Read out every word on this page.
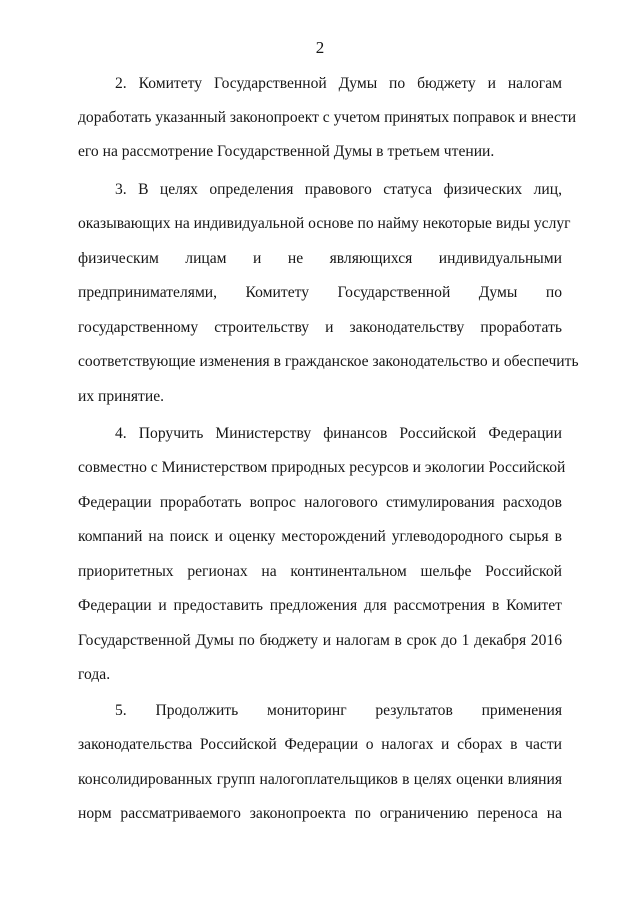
2
2. Комитету Государственной Думы по бюджету и налогам
доработать указанный законопроект с учетом принятых поправок и внести
его на рассмотрение Государственной Думы в третьем чтении.
3. В целях определения правового статуса физических лиц,
оказывающих на индивидуальной основе по найму некоторые виды услуг
физическим лицам и не являющихся индивидуальными
предпринимателями, Комитету Государственной Думы по
государственному строительству и законодательству проработать
соответствующие изменения в гражданское законодательство и обеспечить
их принятие.
4. Поручить Министерству финансов Российской Федерации
совместно с Министерством природных ресурсов и экологии Российской
Федерации проработать вопрос налогового стимулирования расходов
компаний на поиск и оценку месторождений углеводородного сырья в
приоритетных регионах на континентальном шельфе Российской
Федерации и предоставить предложения для рассмотрения в Комитет
Государственной Думы по бюджету и налогам в срок до 1 декабря 2016
года.
5. Продолжить мониторинг результатов применения
законодательства Российской Федерации о налогах и сборах в части
консолидированных групп налогоплательщиков в целях оценки влияния
норм рассматриваемого законопроекта по ограничению переноса на
